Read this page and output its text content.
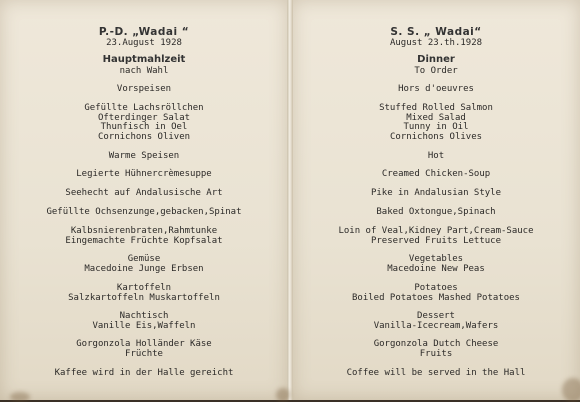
P.-D. „Wadai “
23.August 1928
Hauptmahlzeit
nach Wahl
Vorspeisen
Gefüllte Lachsröllchen
Ofterdinger Salat
Thunfisch in Oel
Cornichons Oliven
Warme Speisen
Legierte Hühnercrèmesuppe
Seehecht auf Andalusische Art
Gefüllte Ochsenzunge,gebacken,Spinat
Kalbsnierenbraten,Rahmtunke
Eingemachte Früchte Kopfsalat
Gemüse
Macedoine Junge Erbsen
Kartoffeln
Salzkartoffeln Muskartoffeln
Nachtisch
Vanille Eis,Waffeln
Gorgonzola Holländer Käse
Früchte
Kaffee wird in der Halle gereicht
S. S. „ Wadai“
August 23.th.1928
Dinner
To Order
Hors d'oeuvres
Stuffed Rolled Salmon
Mixed Salad
Tunny in Oil
Cornichons Olives
Hot
Creamed Chicken-Soup
Pike in Andalusian Style
Baked Oxtongue,Spinach
Loin of Veal,Kidney Part,Cream-Sauce
Preserved Fruits Lettuce
Vegetables
Macedoine New Peas
Potatoes
Boiled Potatoes Mashed Potatoes
Dessert
Vanilla-Icecream,Wafers
Gorgonzola Dutch Cheese
Fruits
Coffee will be served in the Hall
